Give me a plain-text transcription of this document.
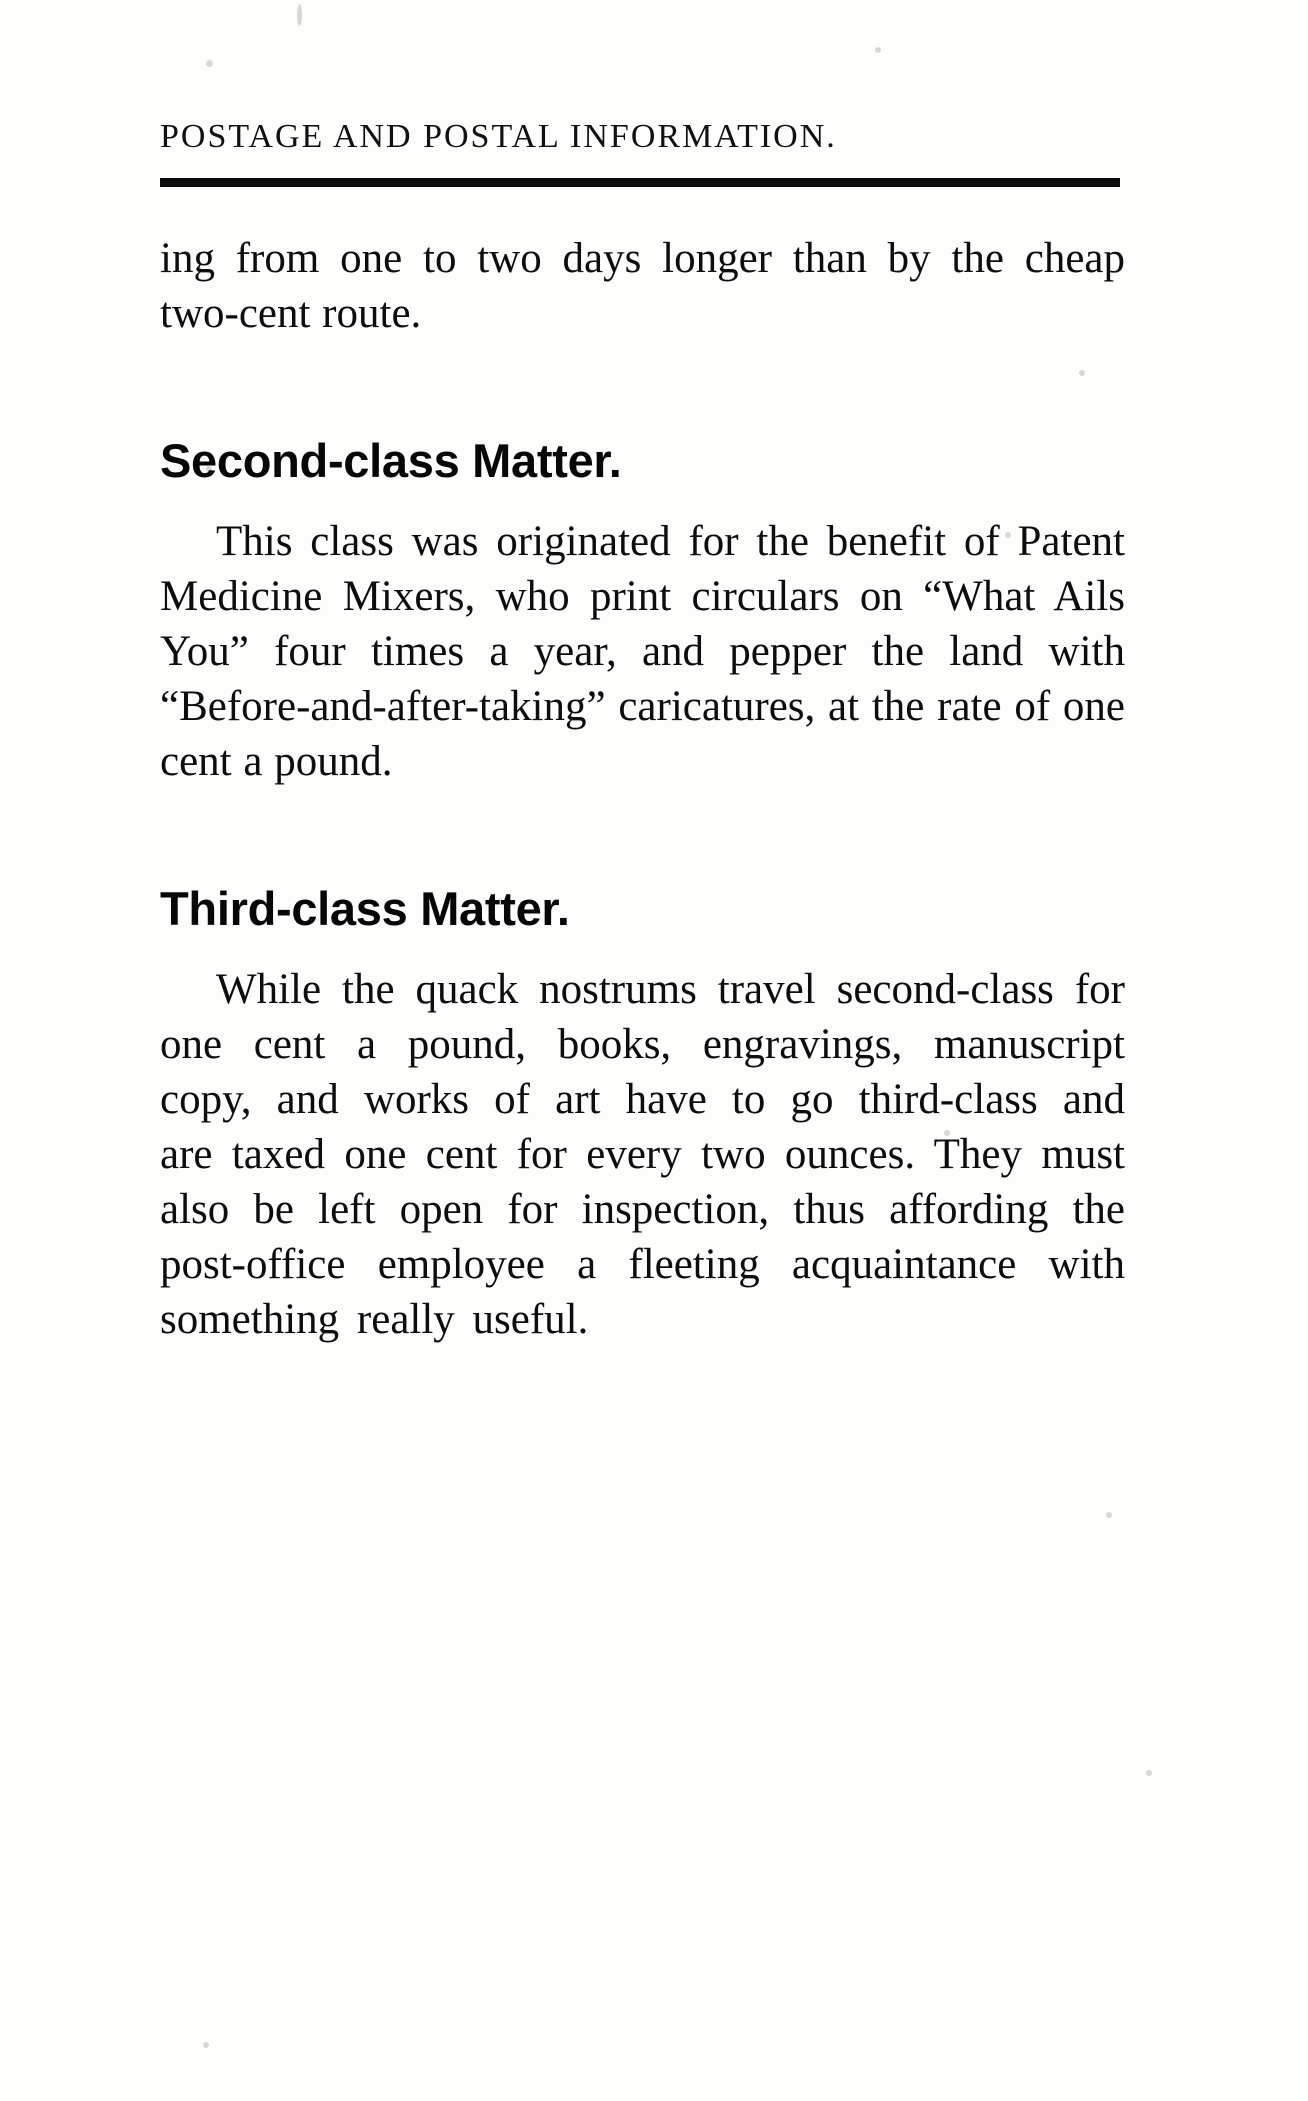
POSTAGE AND POSTAL INFORMATION.

ing from one to two days longer than by the cheap two-cent route.

Second-class Matter.

This class was originated for the benefit of Patent Medicine Mixers, who print circulars on “What Ails You” four times a year, and pepper the land with “Before-and-after-taking” caricatures, at the rate of one cent a pound.

Third-class Matter.

While the quack nostrums travel second-class for one cent a pound, books, engravings, manuscript copy, and works of art have to go third-class and are taxed one cent for every two ounces. They must also be left open for inspection, thus affording the post-office employee a fleeting acquaintance with something really useful.
